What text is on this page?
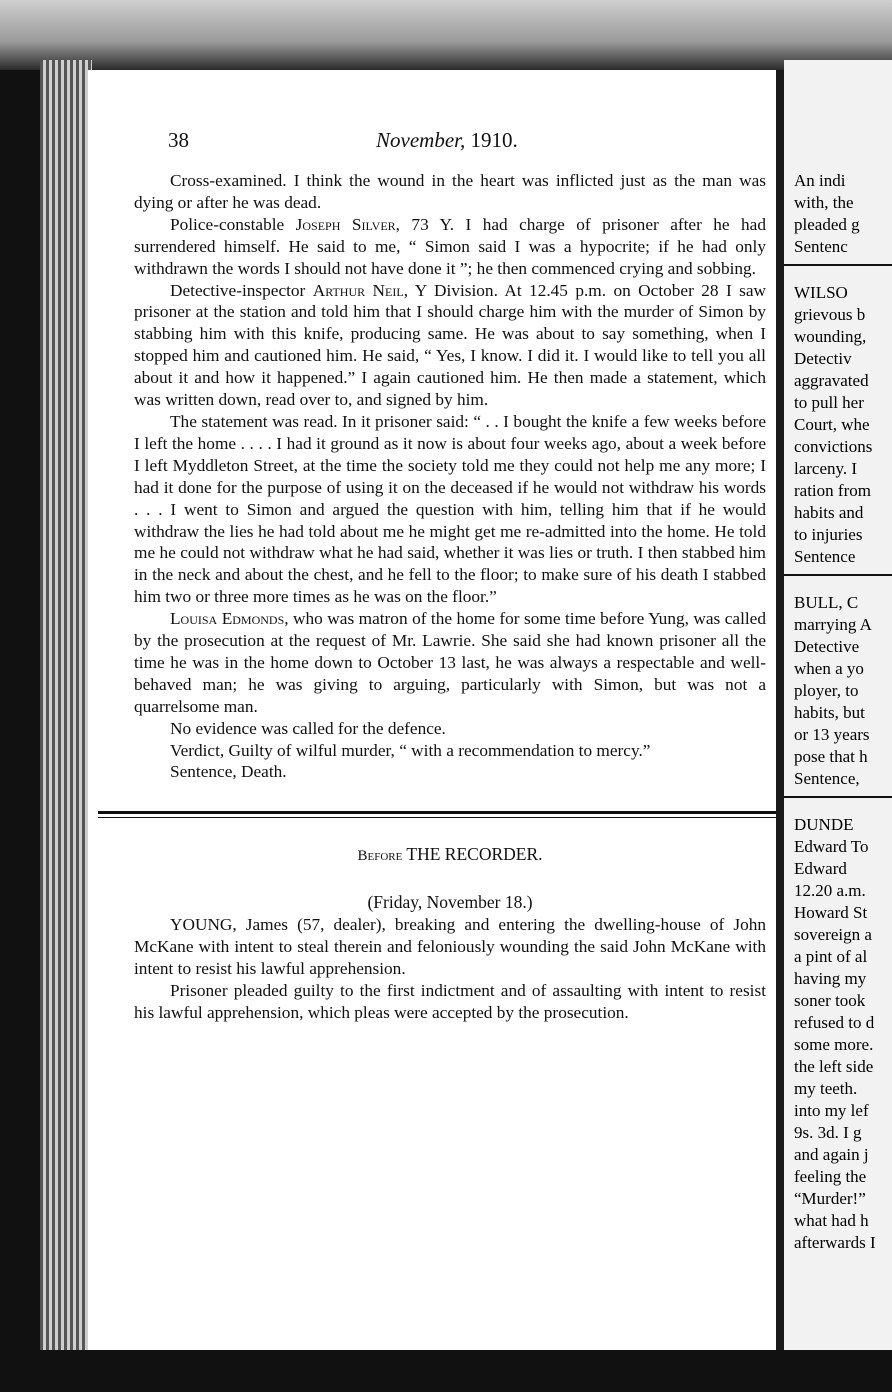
38	November, 1910.

Cross-examined. I think the wound in the heart was inflicted just as the man was dying or after he was dead.

Police-constable Joseph Silver, 73 Y. I had charge of prisoner after he had surrendered himself. He said to me, “ Simon said I was a hypocrite; if he had only withdrawn the words I should not have done it ”; he then commenced crying and sobbing.

Detective-inspector Arthur Neil, Y Division. At 12.45 p.m. on October 28 I saw prisoner at the station and told him that I should charge him with the murder of Simon by stabbing him with this knife, producing same. He was about to say something, when I stopped him and cautioned him. He said, “ Yes, I know. I did it. I would like to tell you all about it and how it happened.” I again cautioned him. He then made a statement, which was written down, read over to, and signed by him.

The statement was read. In it prisoner said: “ . . I bought the knife a few weeks before I left the home . . . . I had it ground as it now is about four weeks ago, about a week before I left Myddleton Street, at the time the society told me they could not help me any more; I had it done for the purpose of using it on the deceased if he would not withdraw his words . . . I went to Simon and argued the question with him, telling him that if he would withdraw the lies he had told about me he might get me re-admitted into the home. He told me he could not withdraw what he had said, whether it was lies or truth. I then stabbed him in the neck and about the chest, and he fell to the floor; to make sure of his death I stabbed him two or three more times as he was on the floor.”

Louisa Edmonds, who was matron of the home for some time before Yung, was called by the prosecution at the request of Mr. Lawrie. She said she had known prisoner all the time he was in the home down to October 13 last, he was always a respectable and well-behaved man; he was giving to arguing, particularly with Simon, but was not a quarrelsome man.

No evidence was called for the defence.

Verdict, Guilty of wilful murder, “ with a recommendation to mercy.”

Sentence, Death.

Before THE RECORDER.
(Friday, November 18.)

YOUNG, James (57, dealer), breaking and entering the dwelling-house of John McKane with intent to steal therein and feloniously wounding the said John McKane with intent to resist his lawful apprehension.

Prisoner pleaded guilty to the first indictment and of assaulting with intent to resist his lawful apprehension, which pleas were accepted by the prosecution.

An indi
with, the
pleaded g
Sentenc
WILSO
grievous b
wounding,
Detectiv
aggravated
to pull her
Court, whe
convictions
larceny. I
ration from
habits and
to injuries
Sentence
BULL, C
marrying A
Detective
when a yo
ployer, to
habits, but
or 13 years
pose that h
Sentence,
DUNDE
Edward To
Edward
12.20 a.m.
Howard St
sovereign a
a pint of al
having my
soner took
refused to d
some more.
the left side
my teeth.
into my lef
9s. 3d. I g
and again j
feeling the
“Murder!”
what had h
afterwards I
